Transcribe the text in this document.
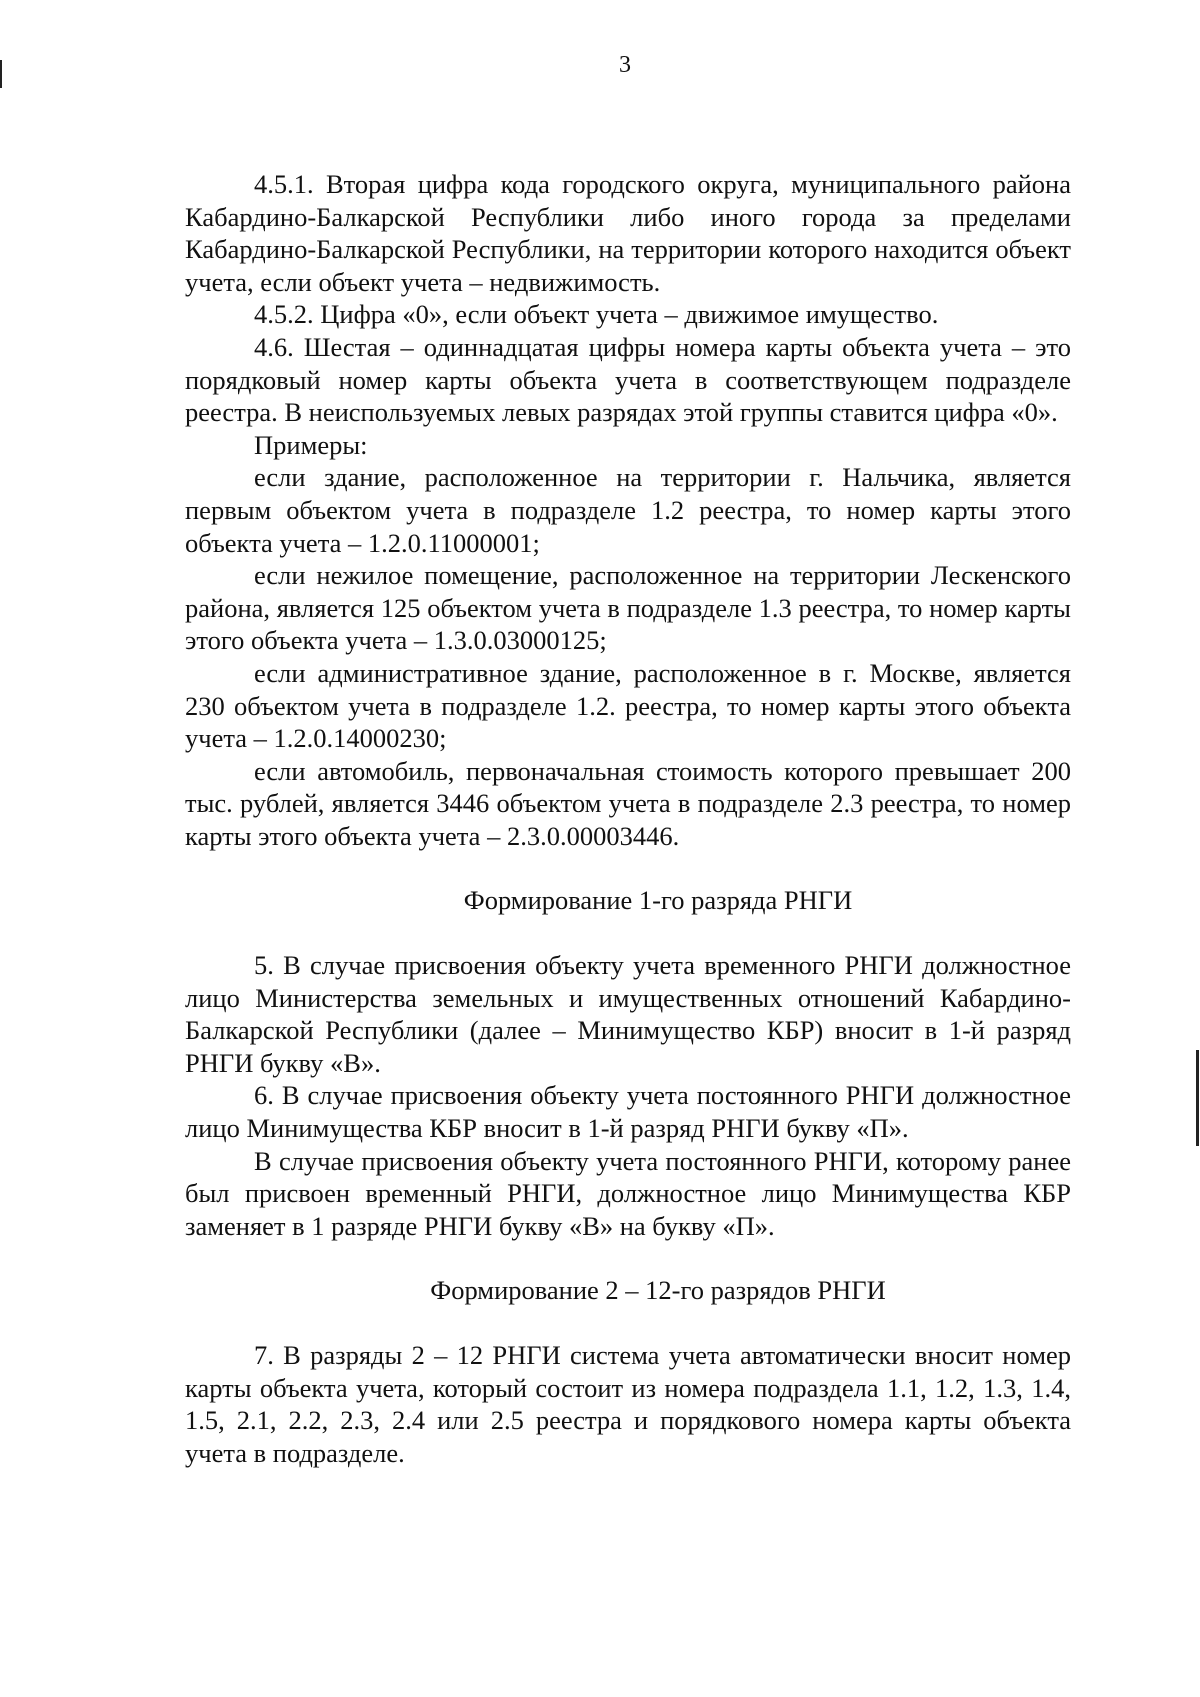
3

4.5.1. Вторая цифра кода городского округа, муниципального района Кабардино-Балкарской Республики либо иного города за пределами Кабардино-Балкарской Республики, на территории которого находится объект учета, если объект учета – недвижимость.

4.5.2. Цифра «0», если объект учета – движимое имущество.

4.6. Шестая – одиннадцатая цифры номера карты объекта учета – это порядковый номер карты объекта учета в соответствующем подразделе реестра. В неиспользуемых левых разрядах этой группы ставится цифра «0».

Примеры:

если здание, расположенное на территории г. Нальчика, является первым объектом учета в подразделе 1.2 реестра, то номер карты этого объекта учета – 1.2.0.11000001;

если нежилое помещение, расположенное на территории Лескенского района, является 125 объектом учета в подразделе 1.3 реестра, то номер карты этого объекта учета – 1.3.0.03000125;

если административное здание, расположенное в г. Москве, является 230 объектом учета в подразделе 1.2. реестра, то номер карты этого объекта учета – 1.2.0.14000230;

если автомобиль, первоначальная стоимость которого превышает 200 тыс. рублей, является 3446 объектом учета в подразделе 2.3 реестра, то номер карты этого объекта учета – 2.3.0.00003446.

Формирование 1-го разряда РНГИ

5. В случае присвоения объекту учета временного РНГИ должностное лицо Министерства земельных и имущественных отношений Кабардино-Балкарской Республики (далее – Минимущество КБР) вносит в 1-й разряд РНГИ букву «В».

6. В случае присвоения объекту учета постоянного РНГИ должностное лицо Минимущества КБР вносит в 1-й разряд РНГИ букву «П».

В случае присвоения объекту учета постоянного РНГИ, которому ранее был присвоен временный РНГИ, должностное лицо Минимущества КБР заменяет в 1 разряде РНГИ букву «В» на букву «П».

Формирование 2 – 12-го разрядов РНГИ

7. В разряды 2 – 12 РНГИ система учета автоматически вносит номер карты объекта учета, который состоит из номера подраздела 1.1, 1.2, 1.3, 1.4, 1.5, 2.1, 2.2, 2.3, 2.4 или 2.5 реестра и порядкового номера карты объекта учета в подразделе.
